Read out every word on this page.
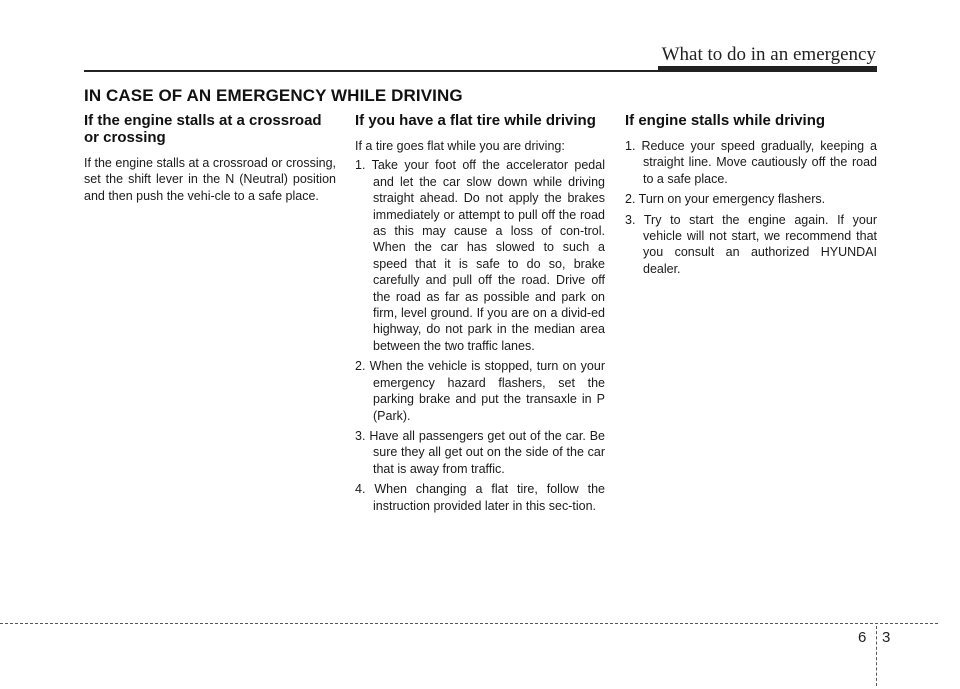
What to do in an emergency
IN CASE OF AN EMERGENCY WHILE DRIVING
If the engine stalls at a crossroad or crossing

If the engine stalls at a crossroad or crossing, set the shift lever in the N (Neutral) position and then push the vehi-cle to a safe place.

If you have a flat tire while driving

If a tire goes flat while you are driving:

1. Take your foot off the accelerator pedal and let the car slow down while driving straight ahead. Do not apply the brakes immediately or attempt to pull off the road as this may cause a loss of con-trol. When the car has slowed to such a speed that it is safe to do so, brake carefully and pull off the road. Drive off the road as far as possible and park on firm, level ground. If you are on a divid-ed highway, do not park in the median area between the two traffic lanes.
2. When the vehicle is stopped, turn on your emergency hazard flashers, set the parking brake and put the transaxle in P (Park).
3. Have all passengers get out of the car. Be sure they all get out on the side of the car that is away from traffic.
4. When changing a flat tire, follow the instruction provided later in this sec-tion.
If engine stalls while driving
1. Reduce your speed gradually, keeping a straight line. Move cautiously off the road to a safe place.
2. Turn on your emergency flashers.
3. Try to start the engine again. If your vehicle will not start, we recommend that you consult an authorized HYUNDAI dealer.
6 3
